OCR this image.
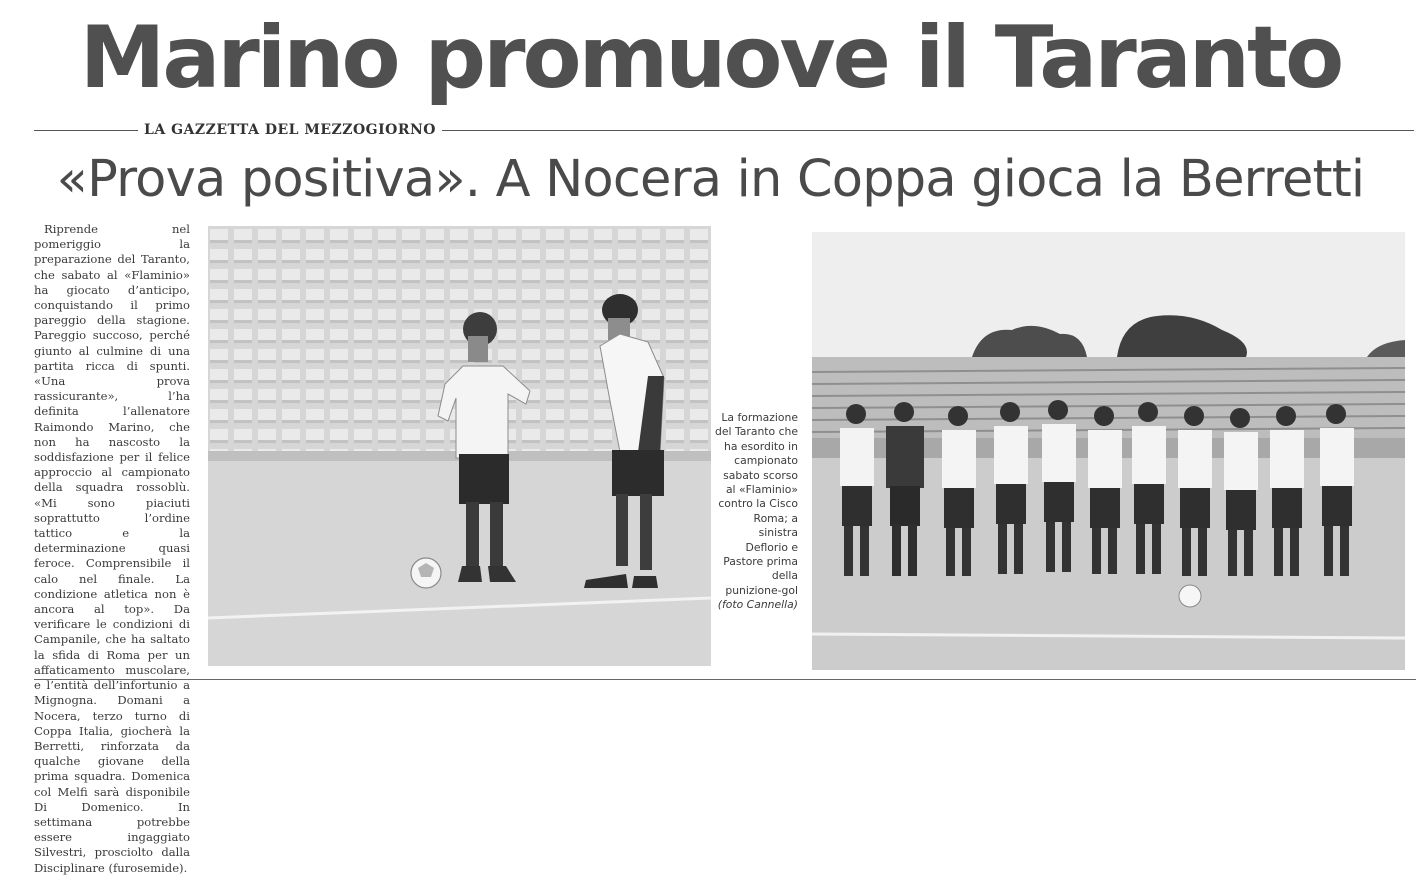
Marino promuove il Taranto
LA GAZZETTA DEL MEZZOGIORNO
«Prova positiva». A Nocera in Coppa gioca la Berretti
Riprende nel pomeriggio la preparazione del Taranto, che sabato al «Flaminio» ha giocato d’anticipo, conquistando il primo pareggio della stagione. Pareggio succoso, perché giunto al culmine di una partita ricca di spunti. «Una prova rassicurante», l’ha definita l’allenatore Raimondo Marino, che non ha nascosto la soddisfazione per il felice approccio al campionato della squadra rossoblù. «Mi sono piaciuti soprattutto l’ordine tattico e la determinazione quasi feroce. Comprensibile il calo nel finale. La condizione atletica non è ancora al top». Da verificare le condizioni di Campanile, che ha saltato la sfida di Roma per un affaticamento muscolare, e l’entità dell’infortunio a Mignogna. Domani a Nocera, terzo turno di Coppa Italia, giocherà la Berretti, rinforzata da qualche giovane della prima squadra. Domenica col Melfi sarà disponibile Di Domenico. In settimana potrebbe essere ingaggiato Silvestri, prosciolto dalla Disciplinare (furosemide).
La formazione del Taranto che ha esordito in campionato sabato scorso al «Flaminio» contro la Cisco Roma; a sinistra Deflorio e Pastore prima della punizione-gol
(foto Cannella)
